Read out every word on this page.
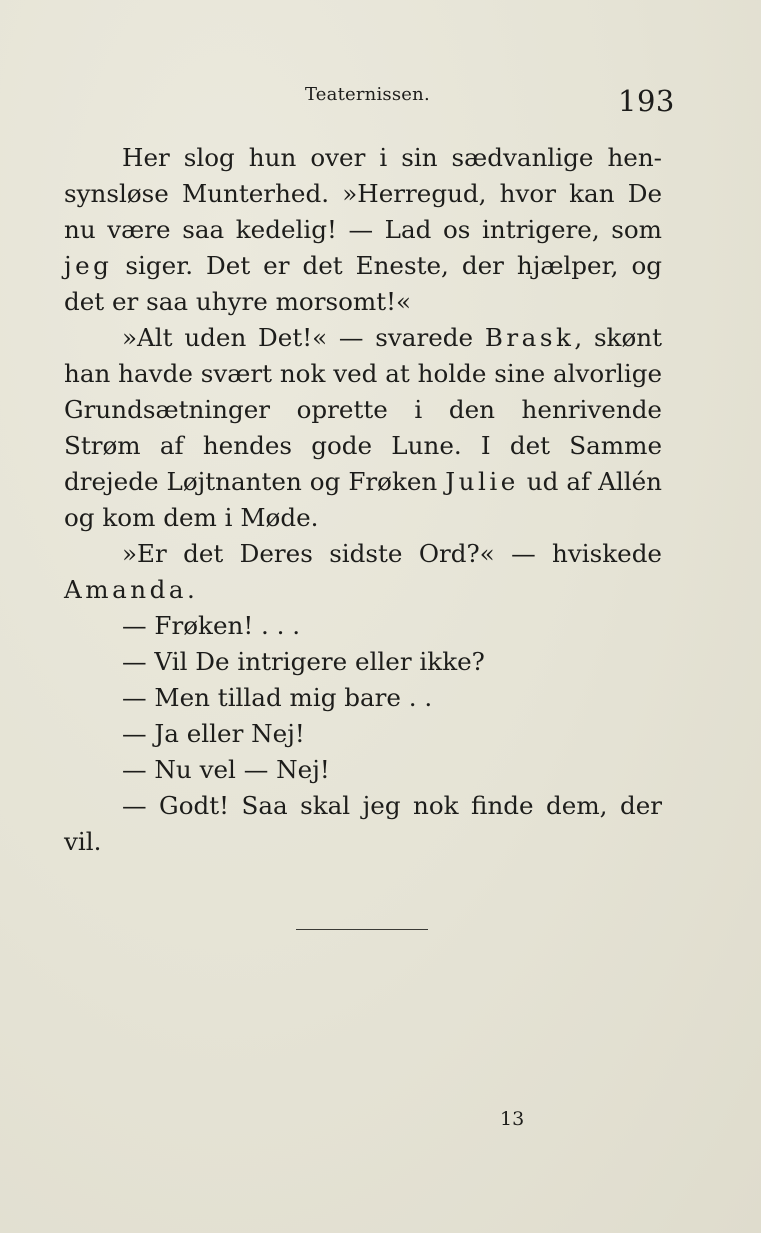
Teaternissen.	193

Her slog hun over i sin sædvanlige hen-synsløse Munterhed. »Herregud, hvor kan De nu være saa kedelig! — Lad os intrigere, som jeg siger. Det er det Eneste, der hjælper, og det er saa uhyre morsomt!«

»Alt uden Det!« — svarede Brask, skønt han havde svært nok ved at holde sine alvorlige Grundsætninger oprette i den henrivende Strøm af hendes gode Lune. I det Samme drejede Løjtnanten og Frøken Julie ud af Allén og kom dem i Møde.

»Er det Deres sidste Ord?« — hviskede Amanda.

— Frøken! . . .

— Vil De intrigere eller ikke?

— Men tillad mig bare . .

— Ja eller Nej!

— Nu vel — Nej!

— Godt! Saa skal jeg nok finde dem, der vil.

13
